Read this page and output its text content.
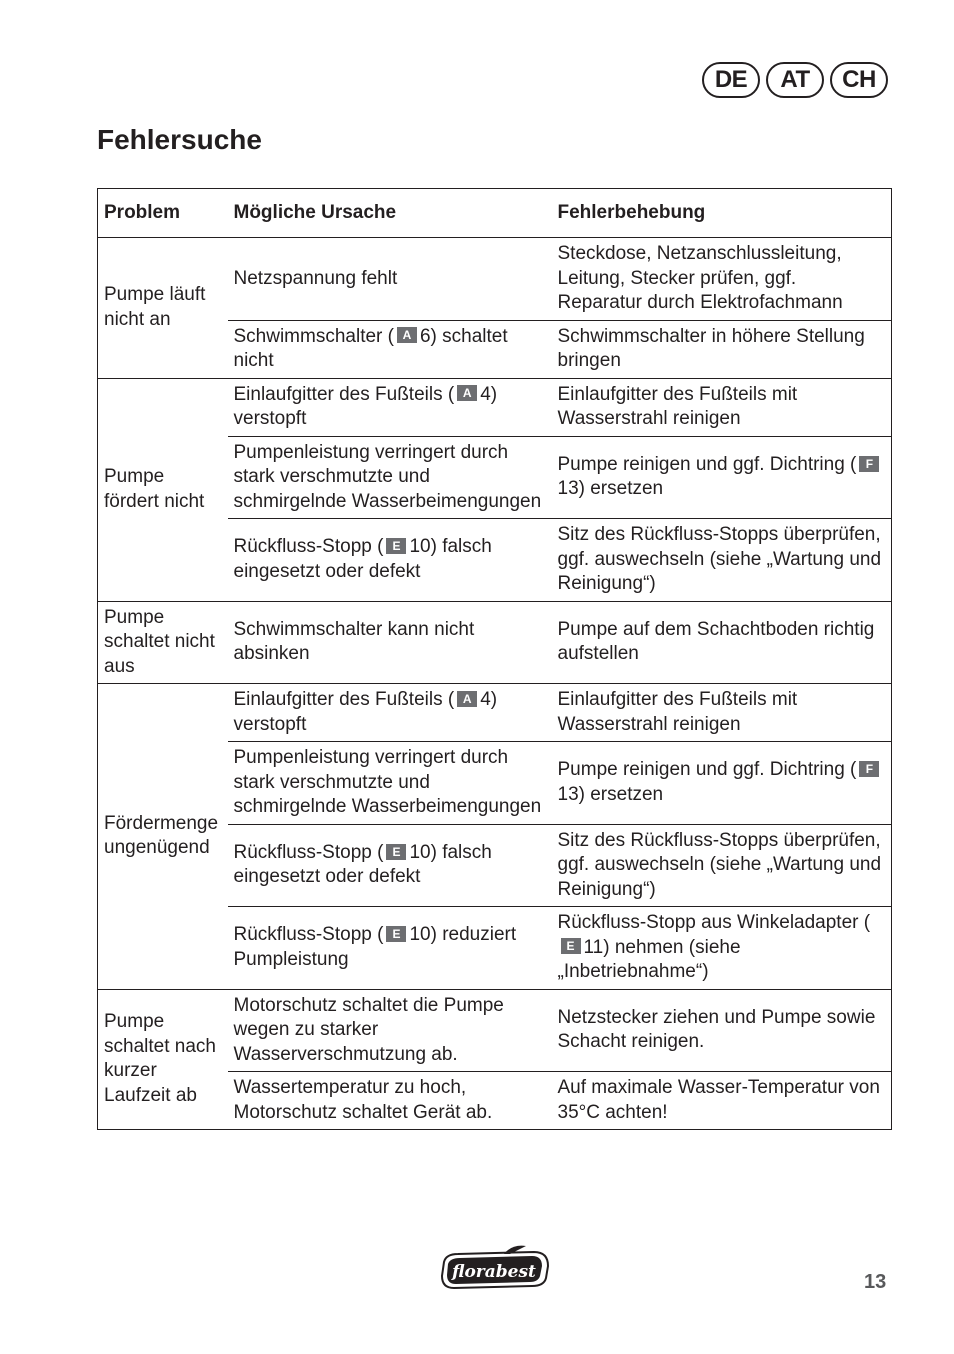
DE	AT	CH
Fehlersuche
Problem	Mögliche Ursache	Fehlerbehebung
Pumpe läuft nicht an	Netzspannung fehlt	Steckdose, Netzanschlussleitung, Leitung, Stecker prüfen, ggf. Reparatur durch Elektrofachmann
	Schwimmschalter ( A 6) schaltet nicht	Schwimmschalter in höhere Stellung bringen
Pumpe fördert nicht	Einlaufgitter des Fußteils ( A 4) verstopft	Einlaufgitter des Fußteils mit Wasserstrahl reinigen
	Pumpenleistung verringert durch stark verschmutzte und schmirgelnde Wasserbeimengungen	Pumpe reinigen und ggf. Dichtring ( F13) ersetzen
	Rückfluss-Stopp ( E 10) falsch eingesetzt oder defekt	Sitz des Rückfluss-Stopps überprüfen, ggf. auswechseln (siehe „Wartung und Reinigung“)
Pumpe schaltet nicht aus	Schwimmschalter kann nicht absinken	Pumpe auf dem Schachtboden richtig aufstellen
Fördermenge ungenügend	Einlaufgitter des Fußteils ( A 4) verstopft	Einlaufgitter des Fußteils mit Wasserstrahl reinigen
	Pumpenleistung verringert durch stark verschmutzte und schmirgelnde Wasserbeimengungen	Pumpe reinigen und ggf. Dichtring ( F13) ersetzen
	Rückfluss-Stopp ( E 10) falsch eingesetzt oder defekt	Sitz des Rückfluss-Stopps überprüfen, ggf. auswechseln (siehe „Wartung und Reinigung“)
	Rückfluss-Stopp ( E 10) reduziert Pumpleistung	Rückfluss-Stopp aus Winkeladapter (E 11) nehmen (siehe „Inbetriebnahme“)
Pumpe schaltet nach kurzer Laufzeit ab	Motorschutz schaltet die Pumpe wegen zu starker Wasserverschmutzung ab.	Netzstecker ziehen und Pumpe sowie Schacht reinigen.
	Wassertemperatur zu hoch, Motorschutz schaltet Gerät ab.	Auf maximale Wasser-Temperatur von 35°C achten!
florabest	13
